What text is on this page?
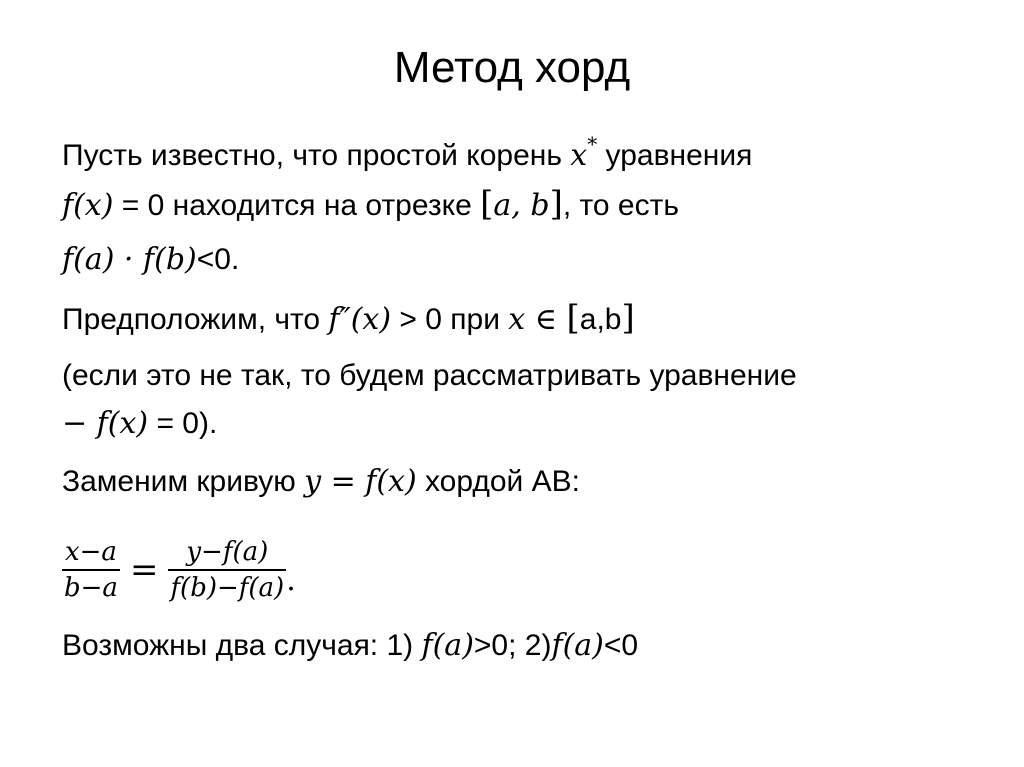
Метод хорд
Пусть известно, что простой корень x* уравнения
f(x) = 0 находится на отрезке [a, b], то есть
f(a) · f(b)<0.
Предположим, что f″(x) > 0 при x ∈ [a,b]
(если это не так, то будем рассматривать уравнение
− f(x) = 0).
Заменим кривую y = f(x) хордой АВ:
$\frac{x-a}{b-a} = \frac{y-f(a)}{f(b)-f(a)}$ .
Возможны два случая: 1) f(a)>0; 2)f(a)<0
